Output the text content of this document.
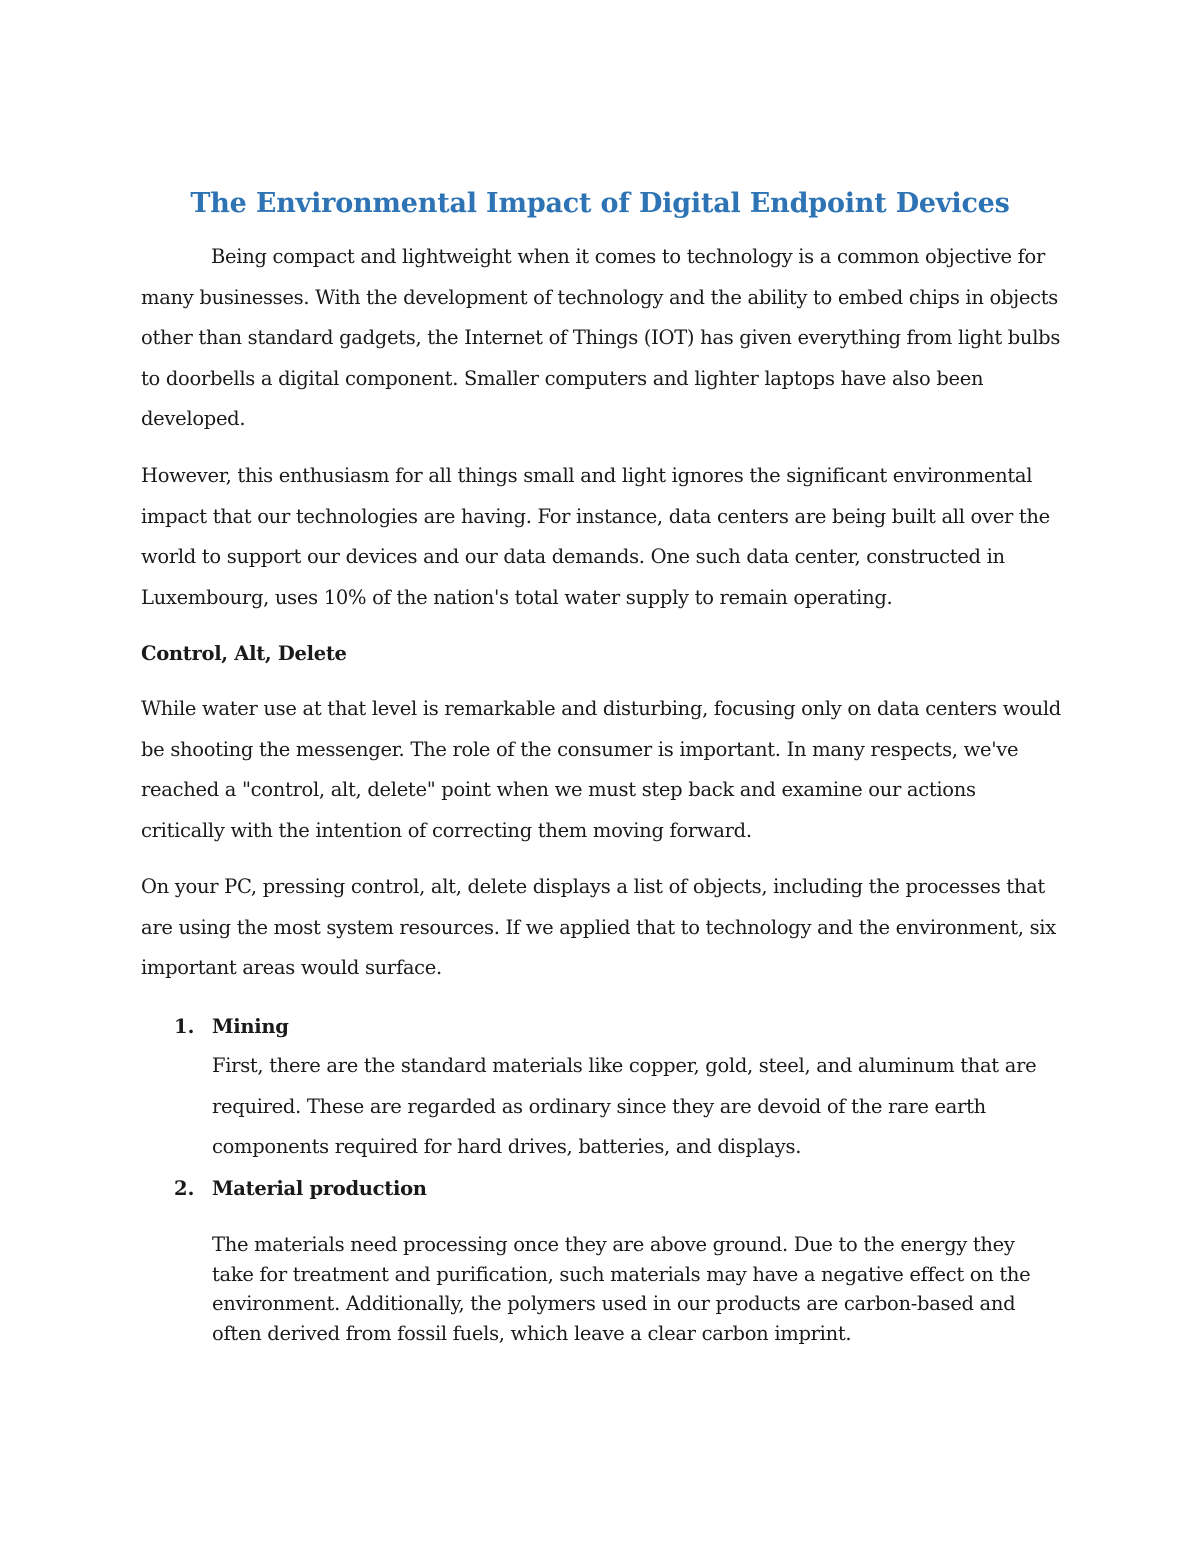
The Environmental Impact of Digital Endpoint Devices

Being compact and lightweight when it comes to technology is a common objective for many businesses. With the development of technology and the ability to embed chips in objects other than standard gadgets, the Internet of Things (IOT) has given everything from light bulbs to doorbells a digital component. Smaller computers and lighter laptops have also been developed.

However, this enthusiasm for all things small and light ignores the significant environmental impact that our technologies are having. For instance, data centers are being built all over the world to support our devices and our data demands. One such data center, constructed in Luxembourg, uses 10% of the nation's total water supply to remain operating.

Control, Alt, Delete

While water use at that level is remarkable and disturbing, focusing only on data centers would be shooting the messenger. The role of the consumer is important. In many respects, we've reached a "control, alt, delete" point when we must step back and examine our actions critically with the intention of correcting them moving forward.

On your PC, pressing control, alt, delete displays a list of objects, including the processes that are using the most system resources. If we applied that to technology and the environment, six important areas would surface.

1. Mining

First, there are the standard materials like copper, gold, steel, and aluminum that are required. These are regarded as ordinary since they are devoid of the rare earth components required for hard drives, batteries, and displays.

2. Material production

The materials need processing once they are above ground. Due to the energy they take for treatment and purification, such materials may have a negative effect on the environment. Additionally, the polymers used in our products are carbon-based and often derived from fossil fuels, which leave a clear carbon imprint.
